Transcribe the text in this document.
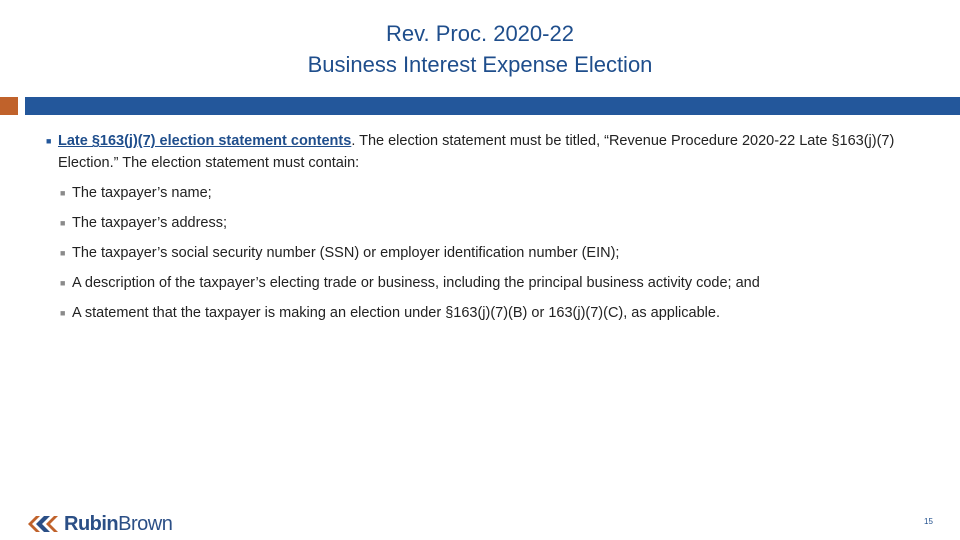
Rev. Proc. 2020-22
Business Interest Expense Election
■ Late §163(j)(7) election statement contents. The election statement must be titled, “Revenue Procedure 2020-22 Late §163(j)(7) Election.” The election statement must contain:
■ The taxpayer’s name;
■ The taxpayer’s address;
■ The taxpayer’s social security number (SSN) or employer identification number (EIN);
■ A description of the taxpayer’s electing trade or business, including the principal business activity code; and
■ A statement that the taxpayer is making an election under §163(j)(7)(B) or 163(j)(7)(C), as applicable.
RubinBrown	15
